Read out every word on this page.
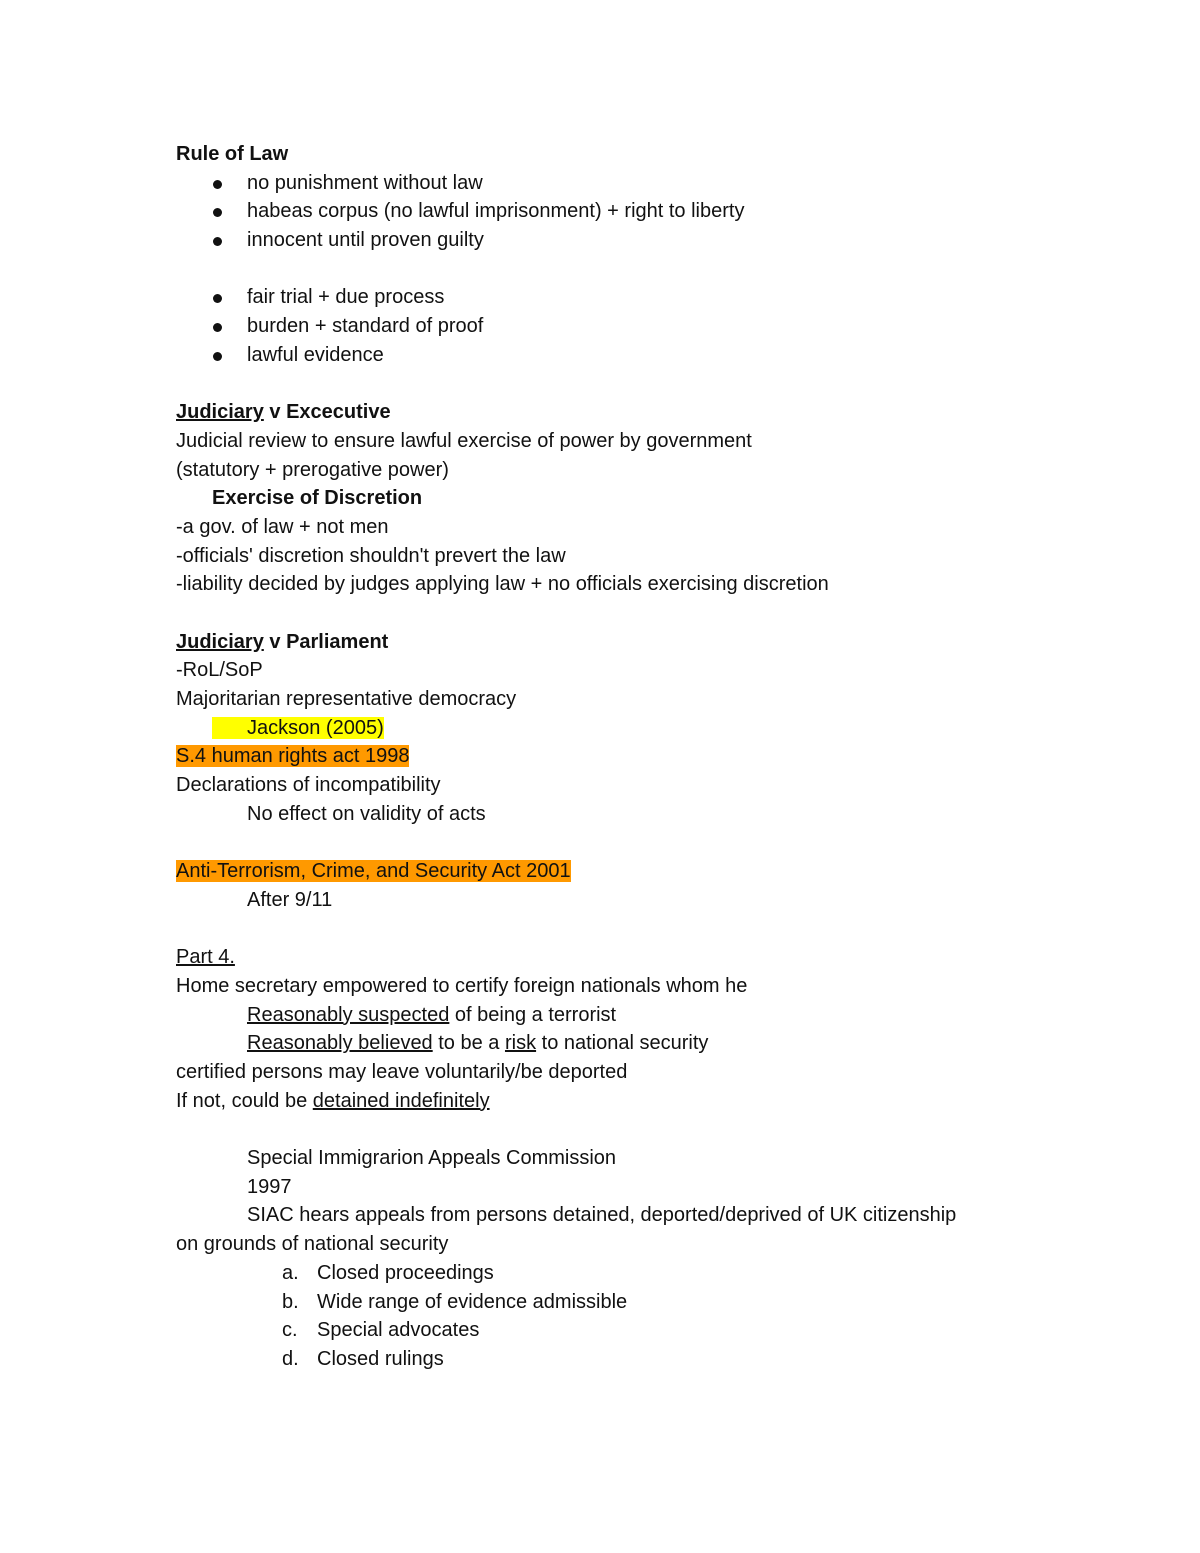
Rule of Law
no punishment without law
habeas corpus (no lawful imprisonment) + right to liberty
innocent until proven guilty
fair trial + due process
burden + standard of proof
lawful evidence
Judiciary v Excecutive
Judicial review to ensure lawful exercise of power by government
(statutory + prerogative power)
Exercise of Discretion
-a gov. of law + not men
-officials' discretion shouldn't prevert the law
-liability decided by judges applying law + no officials exercising discretion
Judiciary v Parliament
-RoL/SoP
Majoritarian representative democracy
Jackson (2005)
S.4 human rights act 1998
Declarations of incompatibility
No effect on validity of acts
Anti-Terrorism, Crime, and Security Act 2001
After 9/11
Part 4.
Home secretary empowered to certify foreign nationals whom he
Reasonably suspected of being a terrorist
Reasonably believed to be a risk to national security
certified persons may leave voluntarily/be deported
If not, could be detained indefinitely
Special Immigrarion Appeals Commission
1997
SIAC hears appeals from persons detained, deported/deprived of UK citizenship
on grounds of national security
a. Closed proceedings
b. Wide range of evidence admissible
c. Special advocates
d. Closed rulings
